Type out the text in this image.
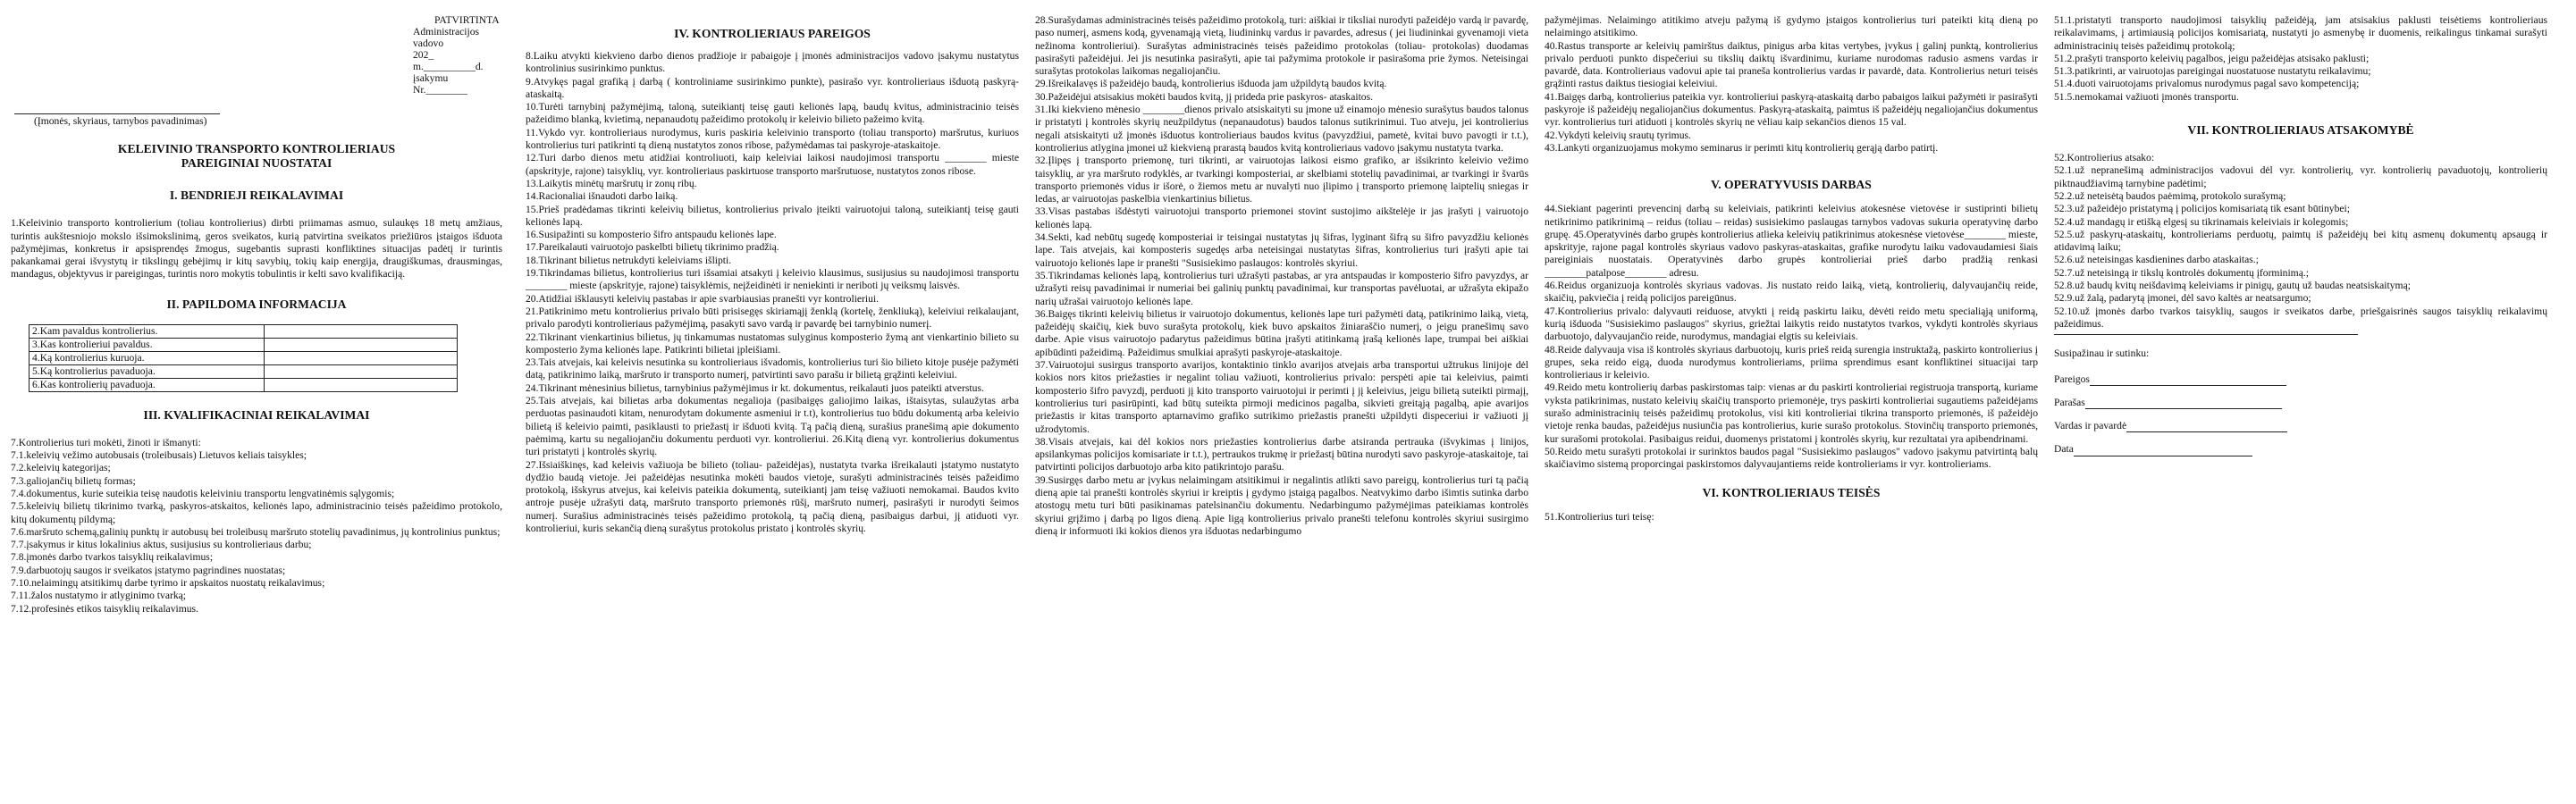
PATVIRTINTA
Administracijos vadovo
202_ m.__________d.
įsakymu Nr.________
(Įmonės, skyriaus, tarnybos pavadinimas)
KELEIVINIO TRANSPORTO KONTROLIERIAUS
PAREIGINIAI NUOSTATAI
I. BENDRIEJI REIKALAVIMAI

1.Keleivinio transporto kontrolierium (toliau kontrolierius) dirbti priimamas asmuo, sulaukęs 18 metų amžiaus, turintis aukštesniojo mokslo išsimokslinimą, geros sveikatos, kurią patvirtina sveikatos priežiūros įstaigos išduota pažymėjimas, konkretus ir apsisprendęs žmogus, sugebantis suprasti konfliktines situacijas padėtį ir turintis pakankamai gerai išvystytų ir tikslingų gebėjimų ir kitų savybių, tokių kaip energija, draugiškumas, drausmingas, mandagus, objektyvus ir pareigingas, turintis noro mokytis tobulintis ir kelti savo kvalifikaciją.

II. PAPILDOMA INFORMACIJA
2.Kam pavaldus kontrolierius.	
3.Kas kontrolieriui pavaldus.	
4.Ką kontrolierius kuruoja.	
5.Ką kontrolierius pavaduoja.	
6.Kas kontrolierių pavaduoja.	
III. KVALIFIKACINIAI REIKALAVIMAI

7.Kontrolierius turi mokėti, žinoti ir išmanyti:

7.1.keleivių vežimo autobusais (troleibusais) Lietuvos keliais taisykles;

7.2.keleivių kategorijas;

7.3.galiojančių bilietų formas;

7.4.dokumentus, kurie suteikia teisę naudotis keleiviniu transportu lengvatinėmis sąlygomis;

7.5.keleivių bilietų tikrinimo tvarką, paskyros-atskaitos, kelionės lapo, administracinio teisės pažeidimo protokolo, kitų dokumentų pildymą;

7.6.maršruto schemą,galinių punktų ir autobusų bei troleibusų maršruto stotelių pavadinimus, jų kontrolinius punktus;

7.7.įsakymus ir kitus lokalinius aktus, susijusius su kontrolieriaus darbu;

7.8.įmonės darbo tvarkos taisyklių reikalavimus;

7.9.darbuotojų saugos ir sveikatos įstatymo pagrindines nuostatas;

7.10.nelaimingų atsitikimų darbe tyrimo ir apskaitos nuostatų reikalavimus;

7.11.žalos nustatymo ir atlyginimo tvarką;

7.12.profesinės etikos taisyklių reikalavimus.

IV. KONTROLIERIAUS PAREIGOS

8.Laiku atvykti kiekvieno darbo dienos pradžioje ir pabaigoje į įmonės administracijos vadovo įsakymu nustatytus kontrolinius susirinkimo punktus.

9.Atvykęs pagal grafiką į darbą ( kontroliniame susirinkimo punkte), pasirašo vyr. kontrolieriaus išduotą paskyrą-ataskaitą.

10.Turėti tarnybinį pažymėjimą, taloną, suteikiantį teisę gauti kelionės lapą, baudų kvitus, administracinio teisės pažeidimo blanką, kvietimą, nepanaudotų pažeidimo protokolų ir keleivio bilieto pažeimo kvitą.

11.Vykdo vyr. kontrolieriaus nurodymus, kuris paskiria keleivinio transporto (toliau transporto) maršrutus, kuriuos kontrolierius turi patikrinti tą dieną nustatytos zonos ribose, pažymėdamas tai paskyroje-ataskaitoje.

12.Turi darbo dienos metu atidžiai kontroliuoti, kaip keleiviai laikosi naudojimosi transportu ________ mieste (apskrityje, rajone) taisyklių, vyr. kontrolieriaus paskirtuose transporto maršrutuose, nustatytos zonos ribose.

13.Laikytis minėtų maršrutų ir zonų ribų.

14.Racionaliai išnaudoti darbo laiką.

15.Prieš pradėdamas tikrinti keleivių bilietus, kontrolierius privalo įteikti vairuotojui taloną, suteikiantį teisę gauti kelionės lapą.

16.Susipažinti su komposterio šifro antspaudu kelionės lape.

17.Pareikalauti vairuotojo paskelbti bilietų tikrinimo pradžią.

18.Tikrinant bilietus netrukdyti keleiviams išlipti.

19.Tikrindamas bilietus, kontrolierius turi išsamiai atsakyti į keleivio klausimus, susijusius su naudojimosi transportu ________ mieste (apskrityje, rajone) taisyklėmis, neįžeidinėti ir neniekinti ir neriboti jų veiksmų laisvės.

20.Atidžiai išklausyti keleivių pastabas ir apie svarbiausias pranešti vyr kontrolieriui.

21.Patikrinimo metu kontrolierius privalo būti prisisegęs skiriamąjį ženklą (kortelę, ženkliuką), keleiviui reikalaujant, privalo parodyti kontrolieriaus pažymėjimą, pasakyti savo vardą ir pavardę bei tarnybinio numerį.

22.Tikrinant vienkartinius bilietus, jų tinkamumas nustatomas sulyginus komposterio žymą ant vienkartinio bilieto su komposterio žyma kelionės lape. Patikrinti bilietai įpleišiami.

23.Tais atvejais, kai keleivis nesutinka su kontrolieriaus išvadomis, kontrolierius turi šio bilieto kitoje pusėje pažymėti datą, patikrinimo laiką, maršruto ir transporto numerį, patvirtinti savo parašu ir bilietą grąžinti keleiviui.

24.Tikrinant mėnesinius bilietus, tarnybinius pažymėjimus ir kt. dokumentus, reikalauti juos pateikti atverstus.

25.Tais atvejais, kai bilietas arba dokumentas negalioja (pasibaigęs galiojimo laikas, ištaisytas, sulaužytas arba perduotas pasinaudoti kitam, nenurodytam dokumente asmeniui ir t.t), kontrolierius tuo būdu dokumentą arba keleivio bilietą iš keleivio paimti, pasiklausti to priežastį ir išduoti kvitą. Tą pačią dieną, surašius pranešimą apie dokumento paėmimą, kartu su negaliojančiu dokumentu perduoti vyr. kontrolieriui. 26.Kitą dieną vyr. kontrolierius dokumentus turi pristatyti į kontrolės skyrių.

27.Išsiaiškinęs, kad keleivis važiuoja be bilieto (toliau- pažeidėjas), nustatyta tvarka išreikalauti įstatymo nustatyto dydžio baudą vietoje. Jei pažeidėjas nesutinka mokėti baudos vietoje, surašyti administracinės teisės pažeidimo protokolą, išskyrus atvejus, kai keleivis pateikia dokumentą, suteikiantį jam teisę važiuoti nemokamai. Baudos kvito antroje pusėje užrašyti datą, maršruto transporto priemonės rūšį, maršruto numerį, pasirašyti ir nurodyti šeimos numerį. Surašius administracinės teisės pažeidimo protokolą, tą pačią dieną, pasibaigus darbui, jį atiduoti vyr. kontrolieriui, kuris sekančią dieną surašytus protokolus pristato į kontrolės skyrių.

28.Surašydamas administracinės teisės pažeidimo protokolą, turi: aiškiai ir tiksliai nurodyti pažeidėjo vardą ir pavardę, paso numerį, asmens kodą, gyvenamąją vietą, liudininkų vardus ir pavardes, adresus ( jei liudininkai gyvenamoji vieta nežinoma kontrolieriui). Surašytas administracinės teisės pažeidimo protokolas (toliau- protokolas) duodamas pasirašyti pažeidėjui. Jei jis nesutinka pasirašyti, apie tai pažymima protokole ir pasirašoma prie žymos. Neteisingai surašytas protokolas laikomas negaliojančiu.

29.Išreikalavęs iš pažeidėjo baudą, kontrolierius išduoda jam užpildytą baudos kvitą.

30.Pažeidėjui atsisakius mokėti baudos kvitą, jį prideda prie paskyros- ataskaitos.

31.Iki kiekvieno mėnesio ________dienos privalo atsiskaityti su įmone už einamojo mėnesio surašytus baudos talonus ir pristatyti į kontrolės skyrių neužpildytus (nepanaudotus) baudos talonus sutikrinimui. Tuo atveju, jei kontrolierius negali atsiskaityti už įmonės išduotus kontrolieriaus baudos kvitus (pavyzdžiui, pametė, kvitai buvo pavogti ir t.t.), kontrolierius atlygina įmonei už kiekvieną prarastą baudos kvitą kontrolieriaus vadovo įsakymu nustatyta tvarka.

32.Įlipęs į transporto priemonę, turi tikrinti, ar vairuotojas laikosi eismo grafiko, ar išsikrinto keleivio vežimo taisyklių, ar yra maršruto rodyklės, ar tvarkingi komposteriai, ar skelbiami stotelių pavadinimai, ar tvarkingi ir švarūs transporto priemonės vidus ir išorė, o žiemos metu ar nuvalyti nuo įlipimo į transporto priemonę laiptelių sniegas ir ledas, ar vairuotojas paskelbia vienkartinius bilietus.

33.Visas pastabas išdėstyti vairuotojui transporto priemonei stovint sustojimo aikštelėje ir jas įrašyti į vairuotojo kelionės lapą.

34.Sekti, kad nebūtų sugedę komposteriai ir teisingai nustatytas jų šifras, lyginant šifrą su šifro pavyzdžiu kelionės lape. Tais atvejais, kai komposteris sugedęs arba neteisingai nustatytas šifras, kontrolierius turi įrašyti apie tai vairuotojo kelionės lape ir pranešti "Susisiekimo paslaugos: kontrolės skyriui.

35.Tikrindamas kelionės lapą, kontrolierius turi užrašyti pastabas, ar yra antspaudas ir komposterio šifro pavyzdys, ar užrašyti reisų pavadinimai ir numeriai bei galinių punktų pavadinimai, kur transportas pavėluotai, ar užrašyta ekipažo narių užrašai vairuotojo kelionės lape.

36.Baigęs tikrinti keleivių bilietus ir vairuotojo dokumentus, kelionės lape turi pažymėti datą, patikrinimo laiką, vietą, pažeidėjų skaičių, kiek buvo surašyta protokolų, kiek buvo apskaitos žiniaraščio numerį, o jeigu pranešimų savo darbe. Apie visus vairuotojo padarytus pažeidimus būtina įrašyti atitinkamą įrašą kelionės lape, trumpai bei aiškiai apibūdinti pažeidimą. Pažeidimus smulkiai aprašyti paskyroje-ataskaitoje.

37.Vairuotojui susirgus transporto avarijos, kontaktinio tinklo avarijos atvejais arba transportui užtrukus linijoje dėl kokios nors kitos priežasties ir negalint toliau važiuoti, kontrolierius privalo: perspėti apie tai keleivius, paimti komposterio šifro pavyzdį, perduoti jį kito transporto vairuotojui ir perimti į jį keleivius, jeigu bilietą suteikti pirmajį, kontrolierius turi pasirūpinti, kad būtų suteikta pirmoji medicinos pagalba, sikvieti greitąją pagalbą, apie avarijos priežastis ir kitas transporto aptarnavimo grafiko sutrikimo priežastis pranešti užpildyti dispeceriui ir važiuoti jį užrodytomis.

38.Visais atvejais, kai dėl kokios nors priežasties kontrolierius darbe atsiranda pertrauka (išvykimas į linijos, apsilankymas policijos komisariate ir t.t.), pertraukos trukmę ir priežastį būtina nurodyti savo paskyroje-ataskaitoje, tai patvirtinti policijos darbuotojo arba kito patikrintojo parašu.

39.Susirgęs darbo metu ar įvykus nelaimingam atsitikimui ir negalintis atlikti savo pareigų, kontrolierius turi tą pačią dieną apie tai pranešti kontrolės skyriui ir kreiptis į gydymo įstaigą pagalbos. Neatvykimo darbo išimtis sutinka darbo atostogų metu turi būti pasikinamas patelsinančiu dokumentu. Nedarbingumo pažymėjimas pateikiamas kontrolės skyriui grįžimo į darbą po ligos dieną. Apie ligą kontrolierius privalo pranešti telefonu kontrolės skyriui susirgimo dieną ir informuoti iki kokios dienos yra išduotas nedarbingumo

pažymėjimas. Nelaimingo atitikimo atveju pažymą iš gydymo įstaigos kontrolierius turi pateikti kitą dieną po nelaimingo atsitikimo.

40.Rastus transporte ar keleivių pamirštus daiktus, pinigus arba kitas vertybes, įvykus į galinį punktą, kontrolierius privalo perduoti punkto dispečeriui su tikslių daiktų išvardinimu, kuriame nurodomas radusio asmens vardas ir pavardė, data. Kontrolieriaus vadovui apie tai praneša kontrolierius vardas ir pavardė, data. Kontrolierius neturi teisės grąžinti rastus daiktus tiesiogiai keleiviui.

41.Baigęs darbą, kontrolierius pateikia vyr. kontrolieriui paskyrą-ataskaitą darbo pabaigos laikui pažymėti ir pasirašyti paskyroje iš pažeidėjų negaliojančius dokumentus. Paskyrą-ataskaitą, paimtus iš pažeidėjų negaliojančius dokumentus vyr. kontrolierius turi atiduoti į kontrolės skyrių ne vėliau kaip sekančios dienos 15 val.

42.Vykdyti keleivių srautų tyrimus.

43.Lankyti organizuojamus mokymo seminarus ir perimti kitų kontrolierių gerąją darbo patirtį.

V. OPERATYVUSIS DARBAS

44.Siekiant pagerinti prevencinį darbą su keleiviais, patikrinti keleivius atokesnėse vietovėse ir sustiprinti bilietų netikrinimo patikrinimą – reidus (toliau – reidas) susisiekimo paslaugas tarnybos vadovas sukuria operatyvinę darbo grupę. 45.Operatyvinės darbo grupės kontrolierius atlieka keleivių patikrinimus atokesnėse vietovėse________ mieste, apskrityje, rajone pagal kontrolės skyriaus vadovo paskyras-ataskaitas, grafike nurodytu laiku vadovaudamiesi šiais pareiginiais nuostatais. Operatyvinės darbo grupės kontrolieriai prieš darbo pradžią renkasi ________patalpose________ adresu.

46.Reidus organizuoja kontrolės skyriaus vadovas. Jis nustato reido laiką, vietą, kontrolierių, dalyvaujančių reide, skaičių, pakviečia į reidą policijos pareigūnus.

47.Kontrolierius privalo: dalyvauti reiduose, atvykti į reidą paskirtu laiku, dėvėti reido metu specialiąją uniformą, kurią išduoda "Susisiekimo paslaugos" skyrius, griežtai laikytis reido nustatytos tvarkos, vykdyti kontrolės skyriaus darbuotojo, dalyvaujančio reide, nurodymus, mandagiai elgtis su keleiviais.

48.Reide dalyvauja visa iš kontrolės skyriaus darbuotojų, kuris prieš reidą surengia instruktažą, paskirto kontrolierius į grupes, seka reido eigą, duoda nurodymus kontrolieriams, priima sprendimus esant konfliktinei situacijai tarp kontrolieriaus ir keleivio.

49.Reido metu kontrolierių darbas paskirstomas taip: vienas ar du paskirti kontrolieriai registruoja transportą, kuriame vyksta patikrinimas, nustato keleivių skaičių transporto priemonėje, trys paskirti kontrolieriai sugautiems pažeidėjams surašo administracinių teisės pažeidimų protokolus, visi kiti kontrolieriai tikrina transporto priemonės, iš pažeidėjo vietoje renka baudas, pažeidėjus nusiunčia pas kontrolierius, kurie surašo protokolus. Stovinčių transporto priemonės, kur surašomi protokolai. Pasibaigus reidui, duomenys pristatomi į kontrolės skyrių, kur rezultatai yra apibendrinami.

50.Reido metu surašyti protokolai ir surinktos baudos pagal "Susisiekimo paslaugos" vadovo įsakymu patvirtintą balų skaičiavimo sistemą proporcingai paskirstomos dalyvaujantiems reide kontrolieriams ir vyr. kontrolieriams.

VI. KONTROLIERIAUS TEISĖS

51.Kontrolierius turi teisę:

51.1.pristatyti transporto naudojimosi taisyklių pažeidėją, jam atsisakius paklusti teisėtiems kontrolieriaus reikalavimams, į artimiausią policijos komisariatą, nustatyti jo asmenybę ir duomenis, reikalingus tinkamai surašyti administracinių teisės pažeidimų protokolą;

51.2.prašyti transporto keleivių pagalbos, jeigu pažeidėjas atsisako paklusti;

51.3.patikrinti, ar vairuotojas pareigingai nuostatuose nustatytu reikalavimu;

51.4.duoti vairuotojams privalomus nurodymus pagal savo kompetenciją;

51.5.nemokamai važiuoti įmonės transportu.

VII. KONTROLIERIAUS ATSAKOMYBĖ

52.Kontrolierius atsako:

52.1.už nepranešimą administracijos vadovui dėl vyr. kontrolierių, vyr. kontrolierių pavaduotojų, kontrolierių piktnaudžiavimą tarnybine padėtimi;

52.2.už neteisėtą baudos paėmimą, protokolo surašymą;

52.3.už pažeidėjo pristatymą į policijos komisariatą tik esant būtinybei;

52.4.už mandagų ir etišką elgesį su tikrinamais keleiviais ir kolegomis;

52.5.už paskyrų-ataskaitų, kontrolieriams perduotų, paimtų iš pažeidėjų bei kitų asmenų dokumentų apsaugą ir atidavimą laiku;

52.6.už neteisingas kasdienines darbo ataskaitas.;

52.7.už neteisingą ir tikslų kontrolės dokumentų įforminimą.;

52.8.už baudų kvitų neišdavimą keleiviams ir pinigų, gautų už baudas neatsiskaitymą;

52.9.už žalą, padarytą įmonei, dėl savo kaltės ar neatsargumo;

52.10.už įmonės darbo tvarkos taisyklių, saugos ir sveikatos darbe, priešgaisrinės saugos taisyklių reikalavimų pažeidimus.

Susipažinau ir sutinku:

Pareigos

Parašas

Vardas ir pavardė

Data
